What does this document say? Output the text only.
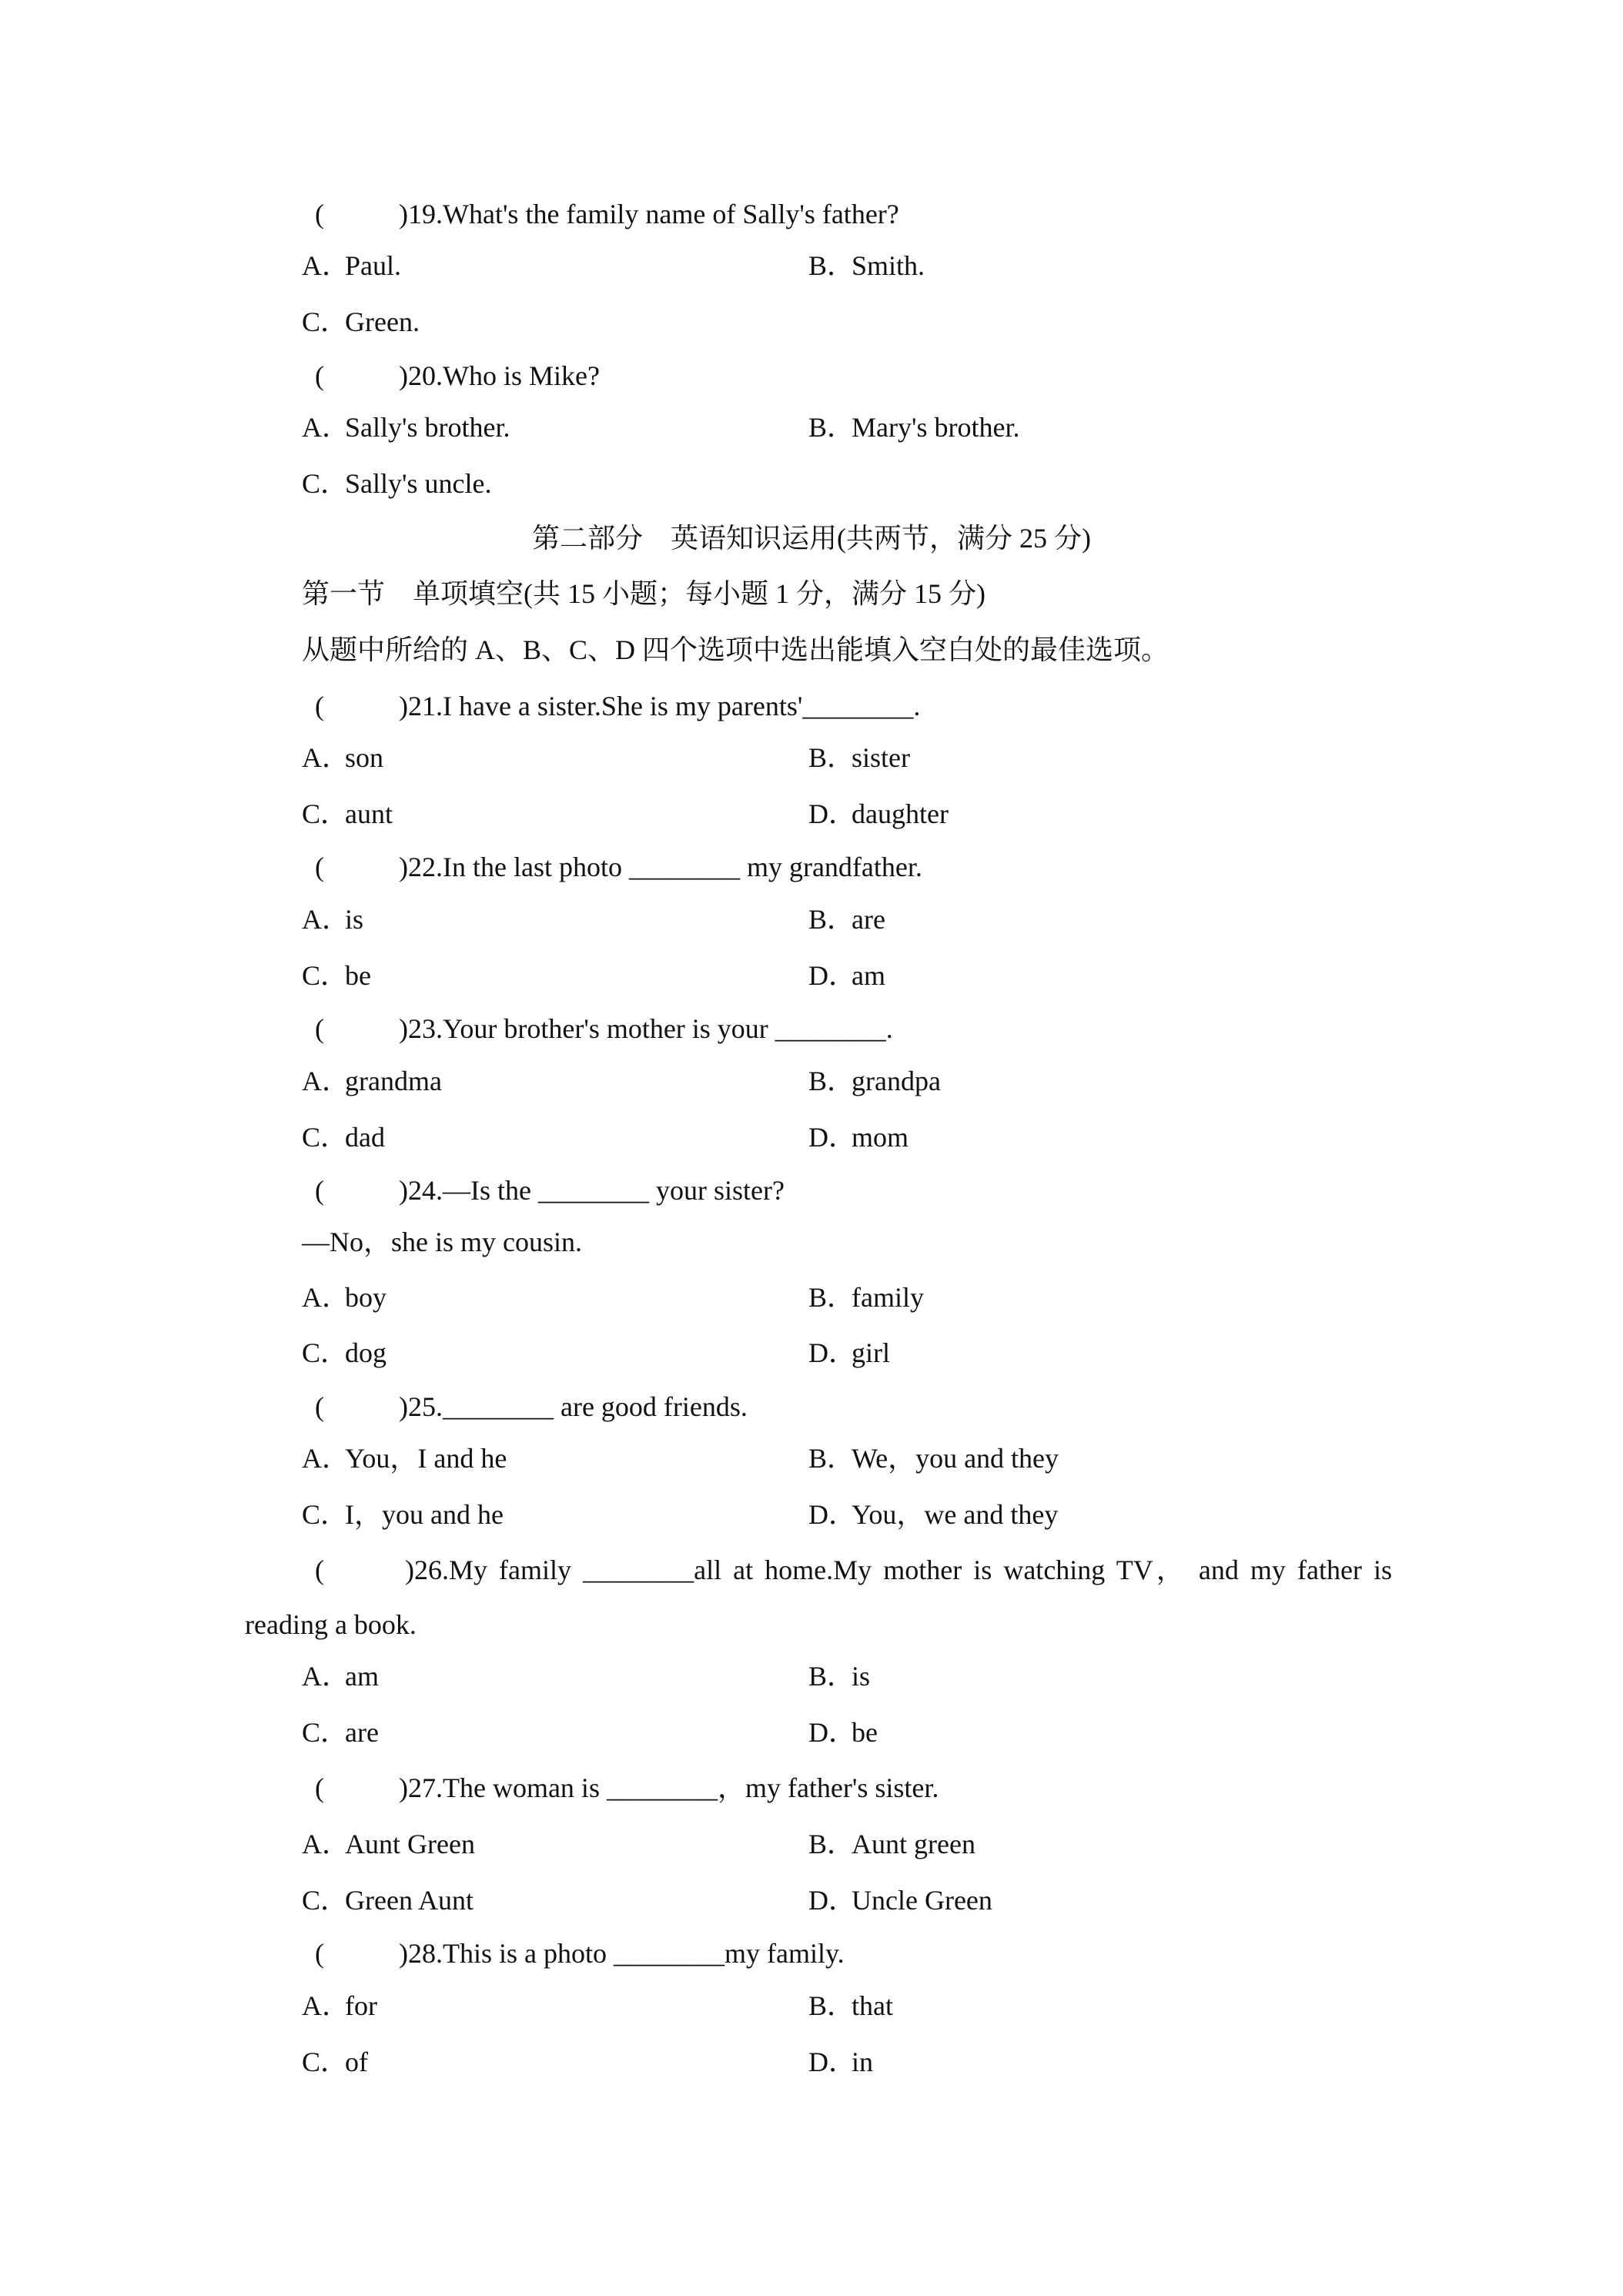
(	)19.What's the family name of Sally's father?
A．Paul.	B．Smith.
C．Green.
(	)20.Who is Mike?
A．Sally's brother.	B．Mary's brother.
C．Sally's uncle.
第二部分　英语知识运用(共两节，满分 25 分)
第一节　单项填空(共 15 小题；每小题 1 分，满分 15 分)
从题中所给的 A、B、C、D 四个选项中选出能填入空白处的最佳选项。
(	)21.I have a sister.She is my parents'________.
A．son	B．sister
C．aunt	D．daughter
(	)22.In the last photo ________ my grandfather.
A．is	B．are
C．be	D．am
(	)23.Your brother's mother is your ________.
A．grandma	B．grandpa
C．dad	D．mom
(	)24.—Is the ________ your sister?
—No，she is my cousin.
A．boy	B．family
C．dog	D．girl
(	)25.________ are good friends.
A．You，I and he	B．We，you and they
C．I，you and he	D．You，we and they
(	)26.My family ________all at home.My mother is watching TV， and my father is
reading a book.
A．am	B．is
C．are	D．be
(	)27.The woman is ________，my father's sister.
A．Aunt Green	B．Aunt green
C．Green Aunt	D．Uncle Green
(	)28.This is a photo ________my family.
A．for	B．that
C．of	D．in
